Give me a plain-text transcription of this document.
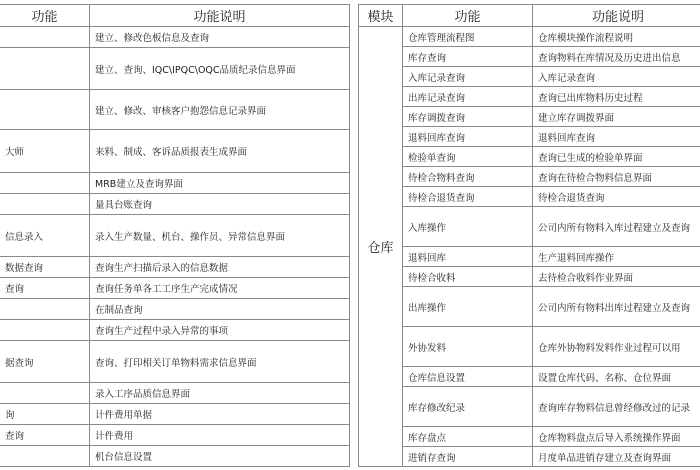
功能	功能说明
	建立、修改色板信息及查询
	建立、查询、IQC\IPQC\OQC品质纪录信息界面
	建立、修改、审核客户抱怨信息记录界面
大师	来料、制成、客诉品质报表生成界面
	MRB建立及查询界面
	量具台账查询
信息录入	录入生产数量、机台、操作员、异常信息界面
数据查询	查询生产扫描后录入的信息数据
查询	查询任务单各工工序生产完成情况
	在制品查询
	查询生产过程中录入异常的事项
据查询	查询、打印相关订单物料需求信息界面
	录入工序品质信息界面
询	计件费用单据
查询	计件费用
	机台信息设置
模块	功能	功能说明
仓库	仓库管理流程图	仓库模块操作流程说明
	库存查询	查询物料在库情况及历史进出信息
	入库记录查询	入库记录查询
	出库记录查询	查询已出库物料历史过程
	库存调拨查询	建立库存调拨界面
	退料回库查询	退料回库查询
	检验单查询	查询已生成的检验单界面
	待检合物料查询	查询在待检合物料信息界面
	待检合退货查询	待检合退货查询
	入库操作	公司内所有物料入库过程建立及查询
	退料回库	生产退料回库操作
	待检合收料	去待检合收料作业界面
	出库操作	公司内所有物料出库过程建立及查询
	外协发料	仓库外协物料发料作业过程可以用
	仓库信息设置	设置仓库代码、名称、仓位界面
	库存修改纪录	查询库存物料信息曾经修改过的记录
	库存盘点	仓库物料盘点后导入系统操作界面
	进销存查询	月度单品进销存建立及查询界面
